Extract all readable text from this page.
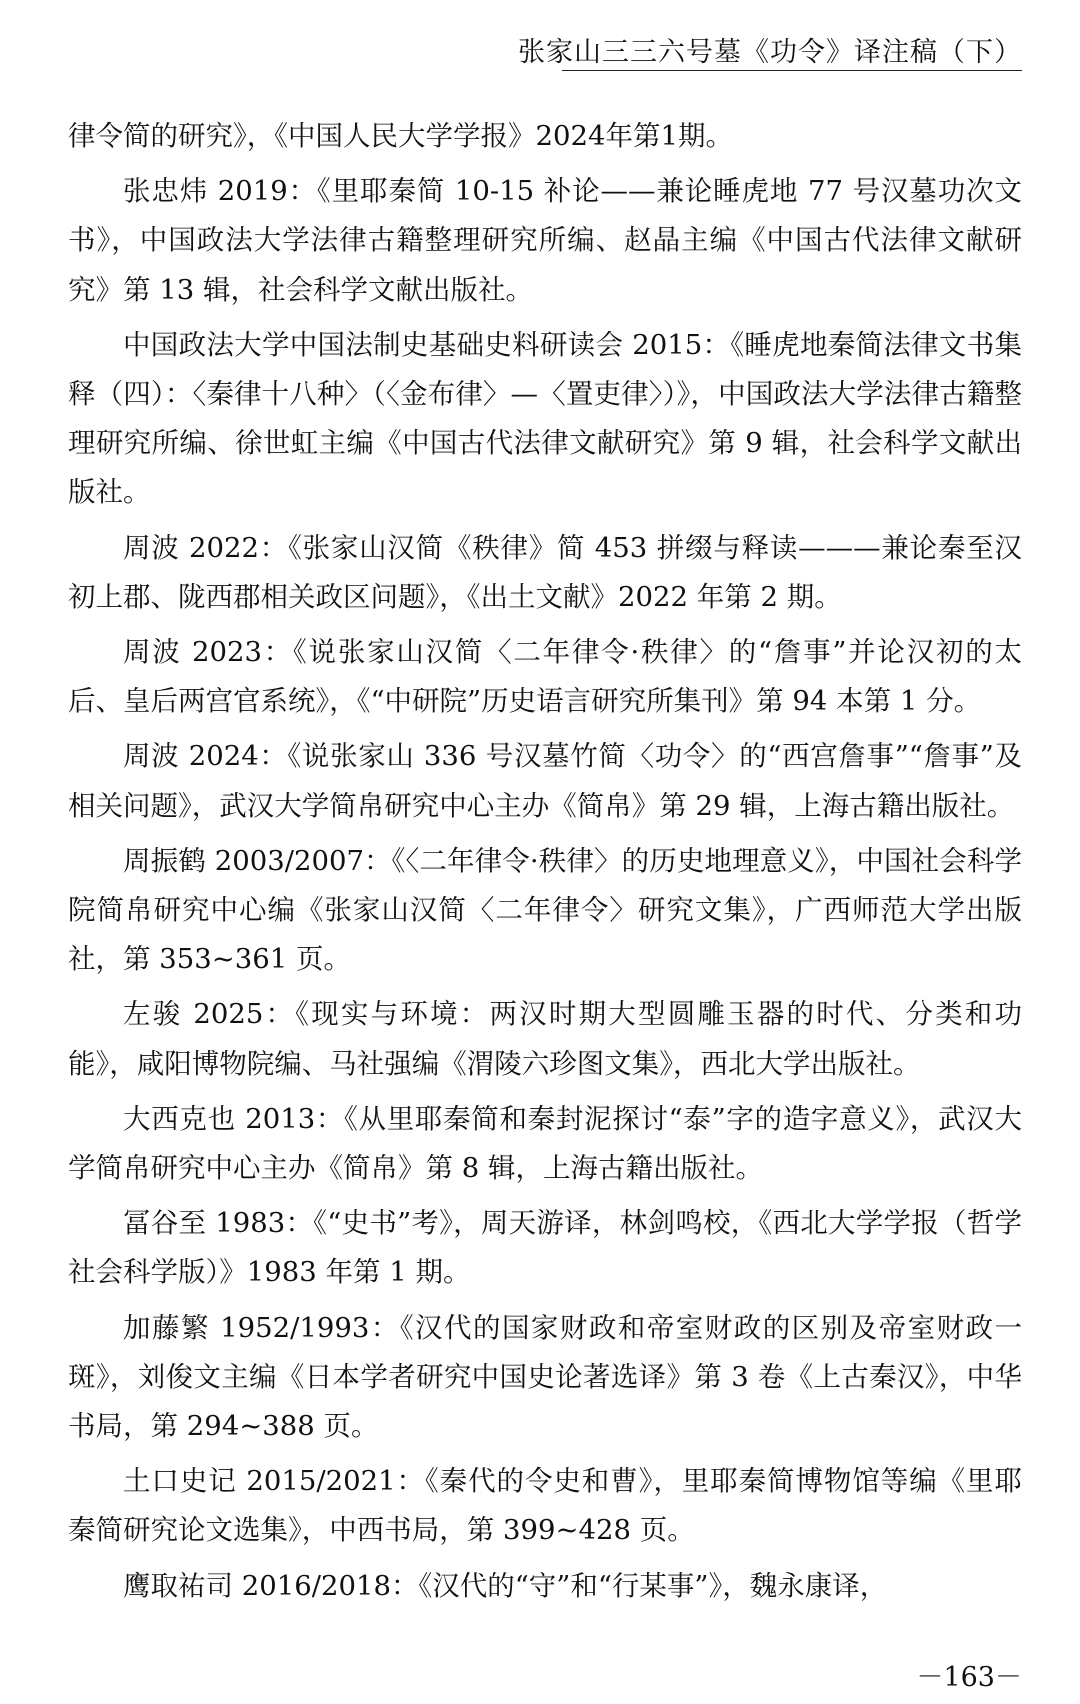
张家山三三六号墓《功令》译注稿（下）

律令简的研究》，《中国人民大学学报》2024年第1期。

张忠炜 2019：《里耶秦简 10-15 补论——兼论睡虎地 77 号汉墓功次文书》，中国政法大学法律古籍整理研究所编、赵晶主编《中国古代法律文献研究》第 13 辑，社会科学文献出版社。

中国政法大学中国法制史基础史料研读会 2015：《睡虎地秦简法律文书集释（四）：〈秦律十八种〉（〈金布律〉—〈置吏律〉）》，中国政法大学法律古籍整理研究所编、徐世虹主编《中国古代法律文献研究》第 9 辑，社会科学文献出版社。

周波 2022：《张家山汉简《秩律》简 453 拼缀与释读———兼论秦至汉初上郡、陇西郡相关政区问题》，《出土文献》2022 年第 2 期。

周波 2023：《说张家山汉简〈二年律令·秩律〉的“詹事”并论汉初的太后、皇后两宫官系统》，《“中研院”历史语言研究所集刊》第 94 本第 1 分。

周波 2024：《说张家山 336 号汉墓竹简〈功令〉的“西宫詹事”“詹事”及相关问题》，武汉大学简帛研究中心主办《简帛》第 29 辑，上海古籍出版社。

周振鹤 2003/2007：《〈二年律令·秩律〉的历史地理意义》，中国社会科学院简帛研究中心编《张家山汉简〈二年律令〉研究文集》，广西师范大学出版社，第 353~361 页。

左骏 2025：《现实与环境：两汉时期大型圆雕玉器的时代、分类和功能》，咸阳博物院编、马社强编《渭陵六珍图文集》，西北大学出版社。

大西克也 2013：《从里耶秦简和秦封泥探讨“泰”字的造字意义》，武汉大学简帛研究中心主办《简帛》第 8 辑，上海古籍出版社。

冨谷至 1983：《“史书”考》，周天游译，林剑鸣校，《西北大学学报（哲学社会科学版）》1983 年第 1 期。

加藤繁 1952/1993：《汉代的国家财政和帝室财政的区别及帝室财政一斑》，刘俊文主编《日本学者研究中国史论著选译》第 3 卷《上古秦汉》，中华书局，第 294~388 页。

土口史记 2015/2021：《秦代的令史和曹》，里耶秦简博物馆等编《里耶秦简研究论文选集》，中西书局，第 399~428 页。

鹰取祐司 2016/2018：《汉代的“守”和“行某事”》，魏永康译，

－163－
